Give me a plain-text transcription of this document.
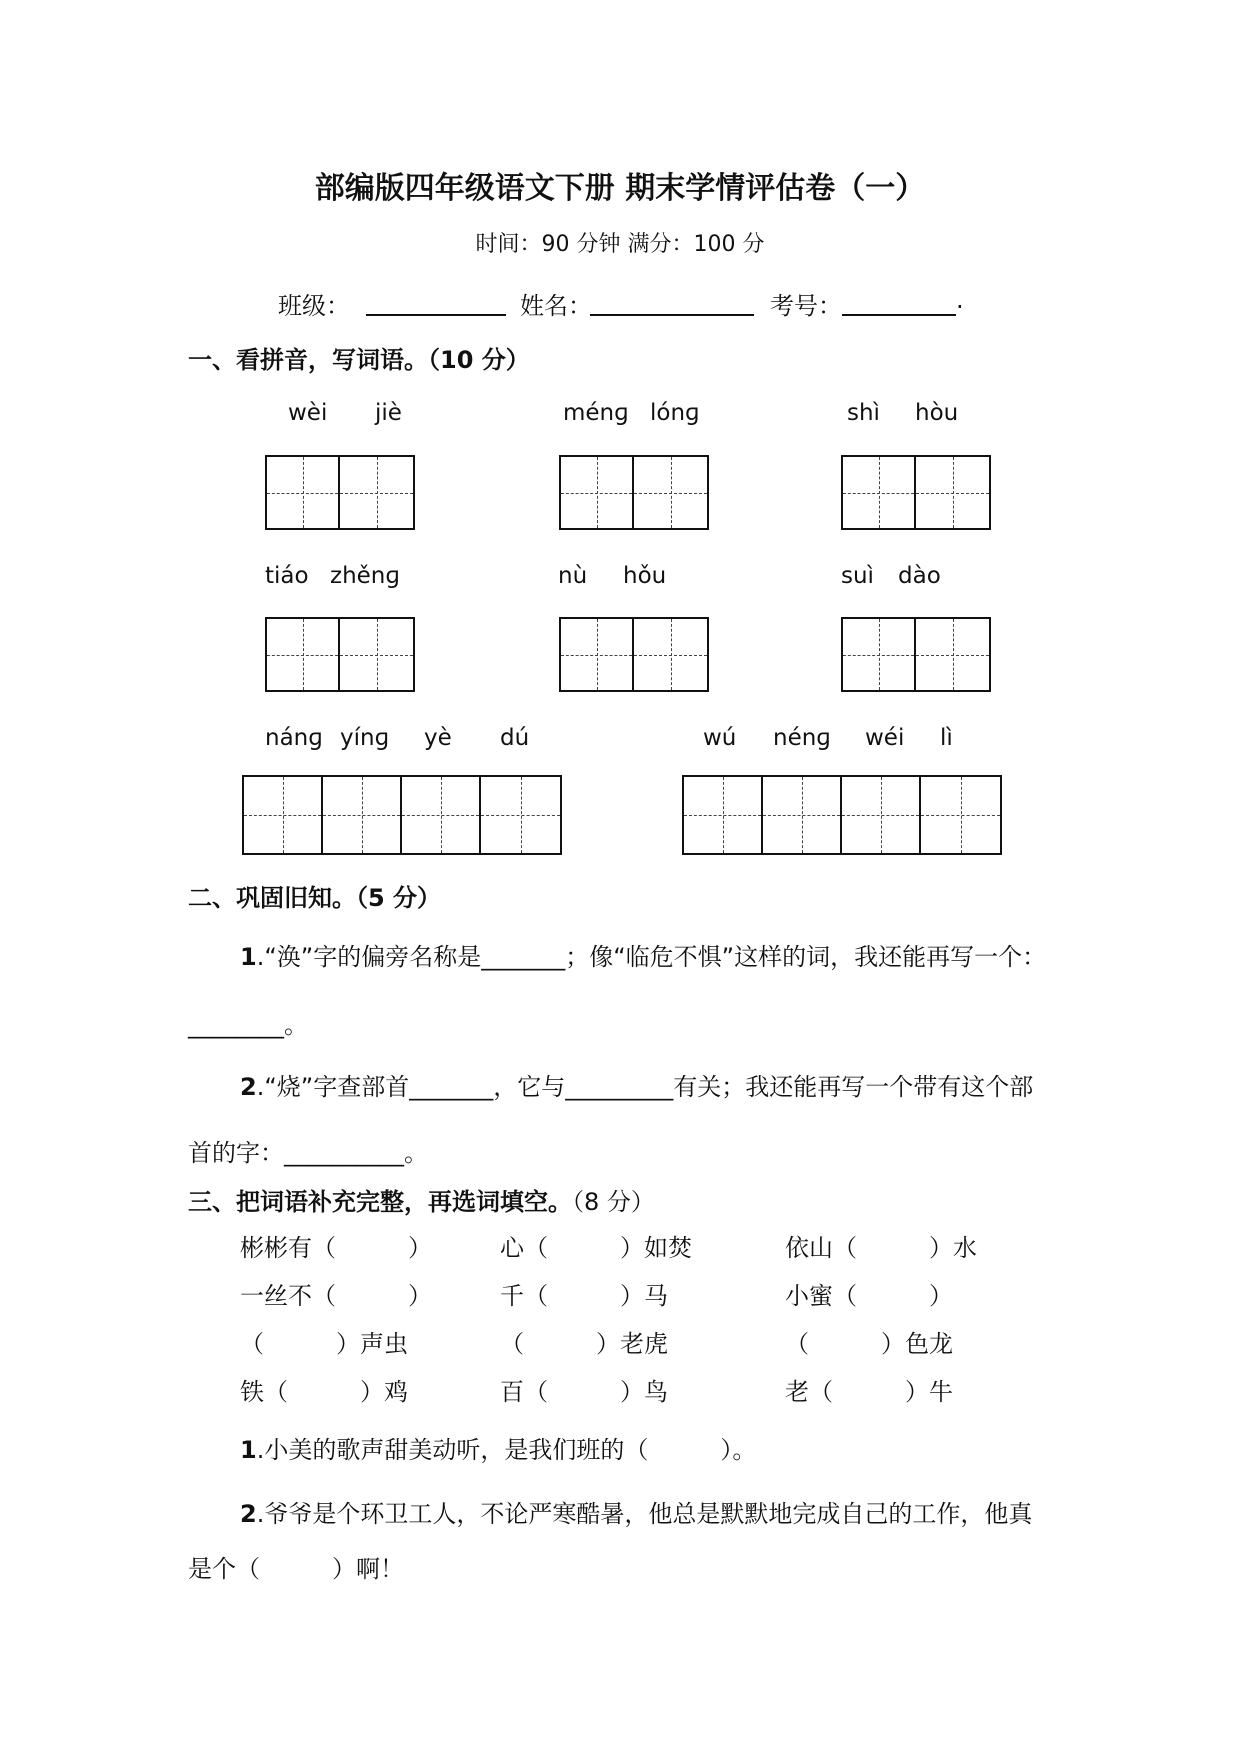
部编版四年级语文下册 期末学情评估卷（一）
时间：90 分钟 满分：100 分
班级：	姓名：	考号：	.
一、看拼音，写词语。（10 分）
wèi jiè	ménɡ lónɡ	shì hòu
tiáo zhěnɡ	nù hǒu	suì dào
nánɡ yínɡ yè dú	wú nénɡ wéi lì
二、巩固旧知。（5 分）
1.“涣”字的偏旁名称是_______；像“临危不惧”这样的词，我还能再写一个：
________。
2.“烧”字查部首_______，它与_________有关；我还能再写一个带有这个部
首的字：__________。
三、把词语补充完整，再选词填空。（8 分）
彬彬有（　　　）	心（　　　）如焚	依山（　　　）水
一丝不（　　　）	千（　　　）马	小蜜（　　　）
（　　　）声虫	（　　　）老虎	（　　　）色龙
铁（　　　）鸡	百（　　　）鸟	老（　　　）牛
1.小美的歌声甜美动听，是我们班的（　　　）。
2.爷爷是个环卫工人，不论严寒酷暑，他总是默默地完成自己的工作，他真
是个（　　　）啊！
